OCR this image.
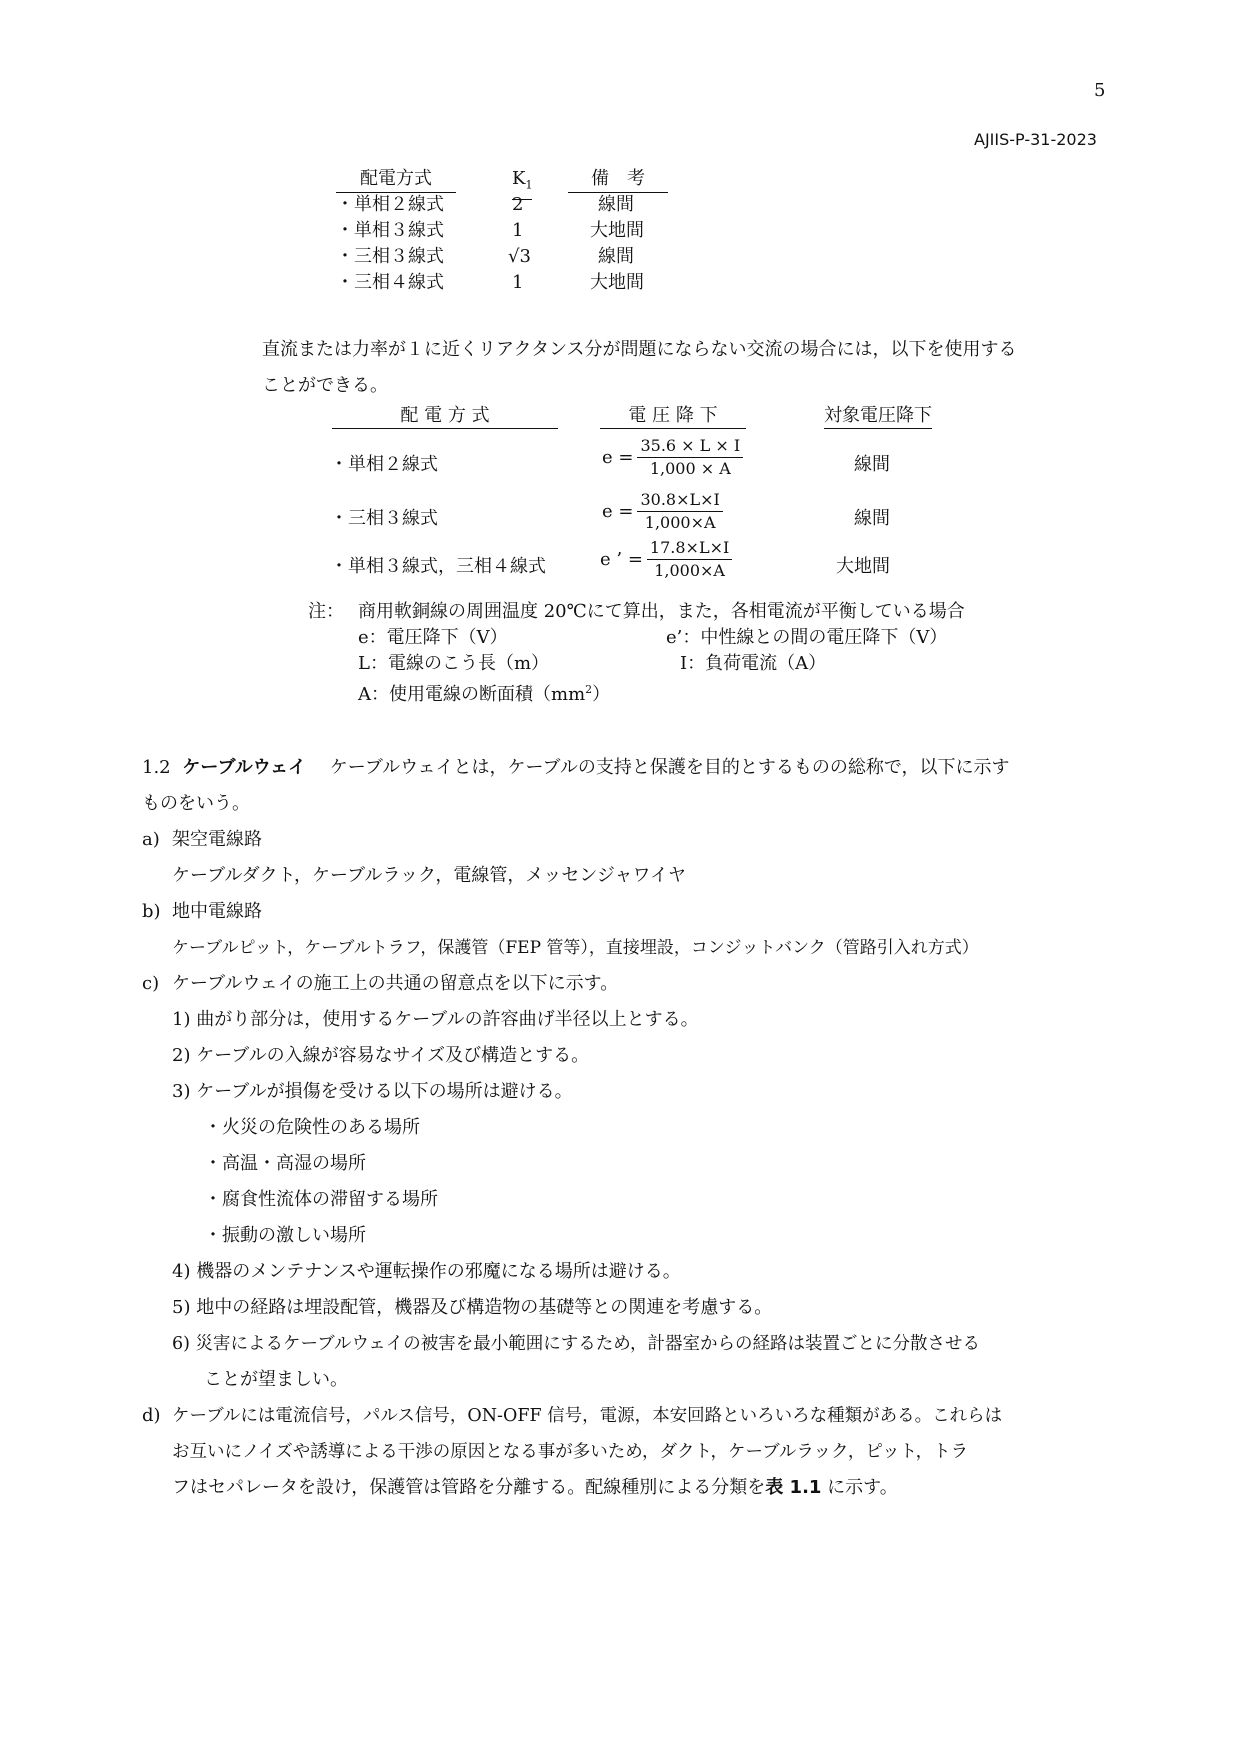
5
AJIIS-P-31-2023
配電方式	$K_1$	備　考
・単相２線式	2	線間
・単相３線式	1	大地間
・三相３線式	√3	線間
・三相４線式	1	大地間
直流または力率が１に近くリアクタンス分が問題にならない交流の場合には，以下を使用する
ことができる。
配 電 方 式	電 圧 降 下	対象電圧降下
・単相２線式	$e = \frac{35.6 \times L \times I}{1,000 \times A}$	線間
・三相３線式	$e = \frac{30.8\times L\times I}{1,000\times A}$	線間
・単相３線式，三相４線式	e ’ = $\frac{17.8\times L\times I}{1,000\times A}$	大地間
注： 商用軟銅線の周囲温度 20℃にて算出，また，各相電流が平衡している場合
e：電圧降下（V）	e’：中性線との間の電圧降下（V）
L：電線のこう長（m）	I：負荷電流（A）
A：使用電線の断面積$(mm^2)$
1.2 ケーブルウェイ ケーブルウェイとは，ケーブルの支持と保護を目的とするものの総称で，以下に示す
ものをいう。
a) 架空電線路
ケーブルダクト，ケーブルラック，電線管，メッセンジャワイヤ
b) 地中電線路
ケーブルピット，ケーブルトラフ，保護管（FEP 管等），直接埋設，コンジットバンク（管路引入れ方式）
c) ケーブルウェイの施工上の共通の留意点を以下に示す。
1) 曲がり部分は，使用するケーブルの許容曲げ半径以上とする。
2) ケーブルの入線が容易なサイズ及び構造とする。
3) ケーブルが損傷を受ける以下の場所は避ける。
・火災の危険性のある場所
・高温・高湿の場所
・腐食性流体の滞留する場所
・振動の激しい場所
4) 機器のメンテナンスや運転操作の邪魔になる場所は避ける。
5) 地中の経路は埋設配管，機器及び構造物の基礎等との関連を考慮する。
6) 災害によるケーブルウェイの被害を最小範囲にするため，計器室からの経路は装置ごとに分散させる
ことが望ましい。
d) ケーブルには電流信号，パルス信号，ON-OFF 信号，電源，本安回路といろいろな種類がある。これらは
お互いにノイズや誘導による干渉の原因となる事が多いため，ダクト，ケーブルラック，ピット，トラ
フはセパレータを設け，保護管は管路を分離する。配線種別による分類を表 1.1 に示す。
